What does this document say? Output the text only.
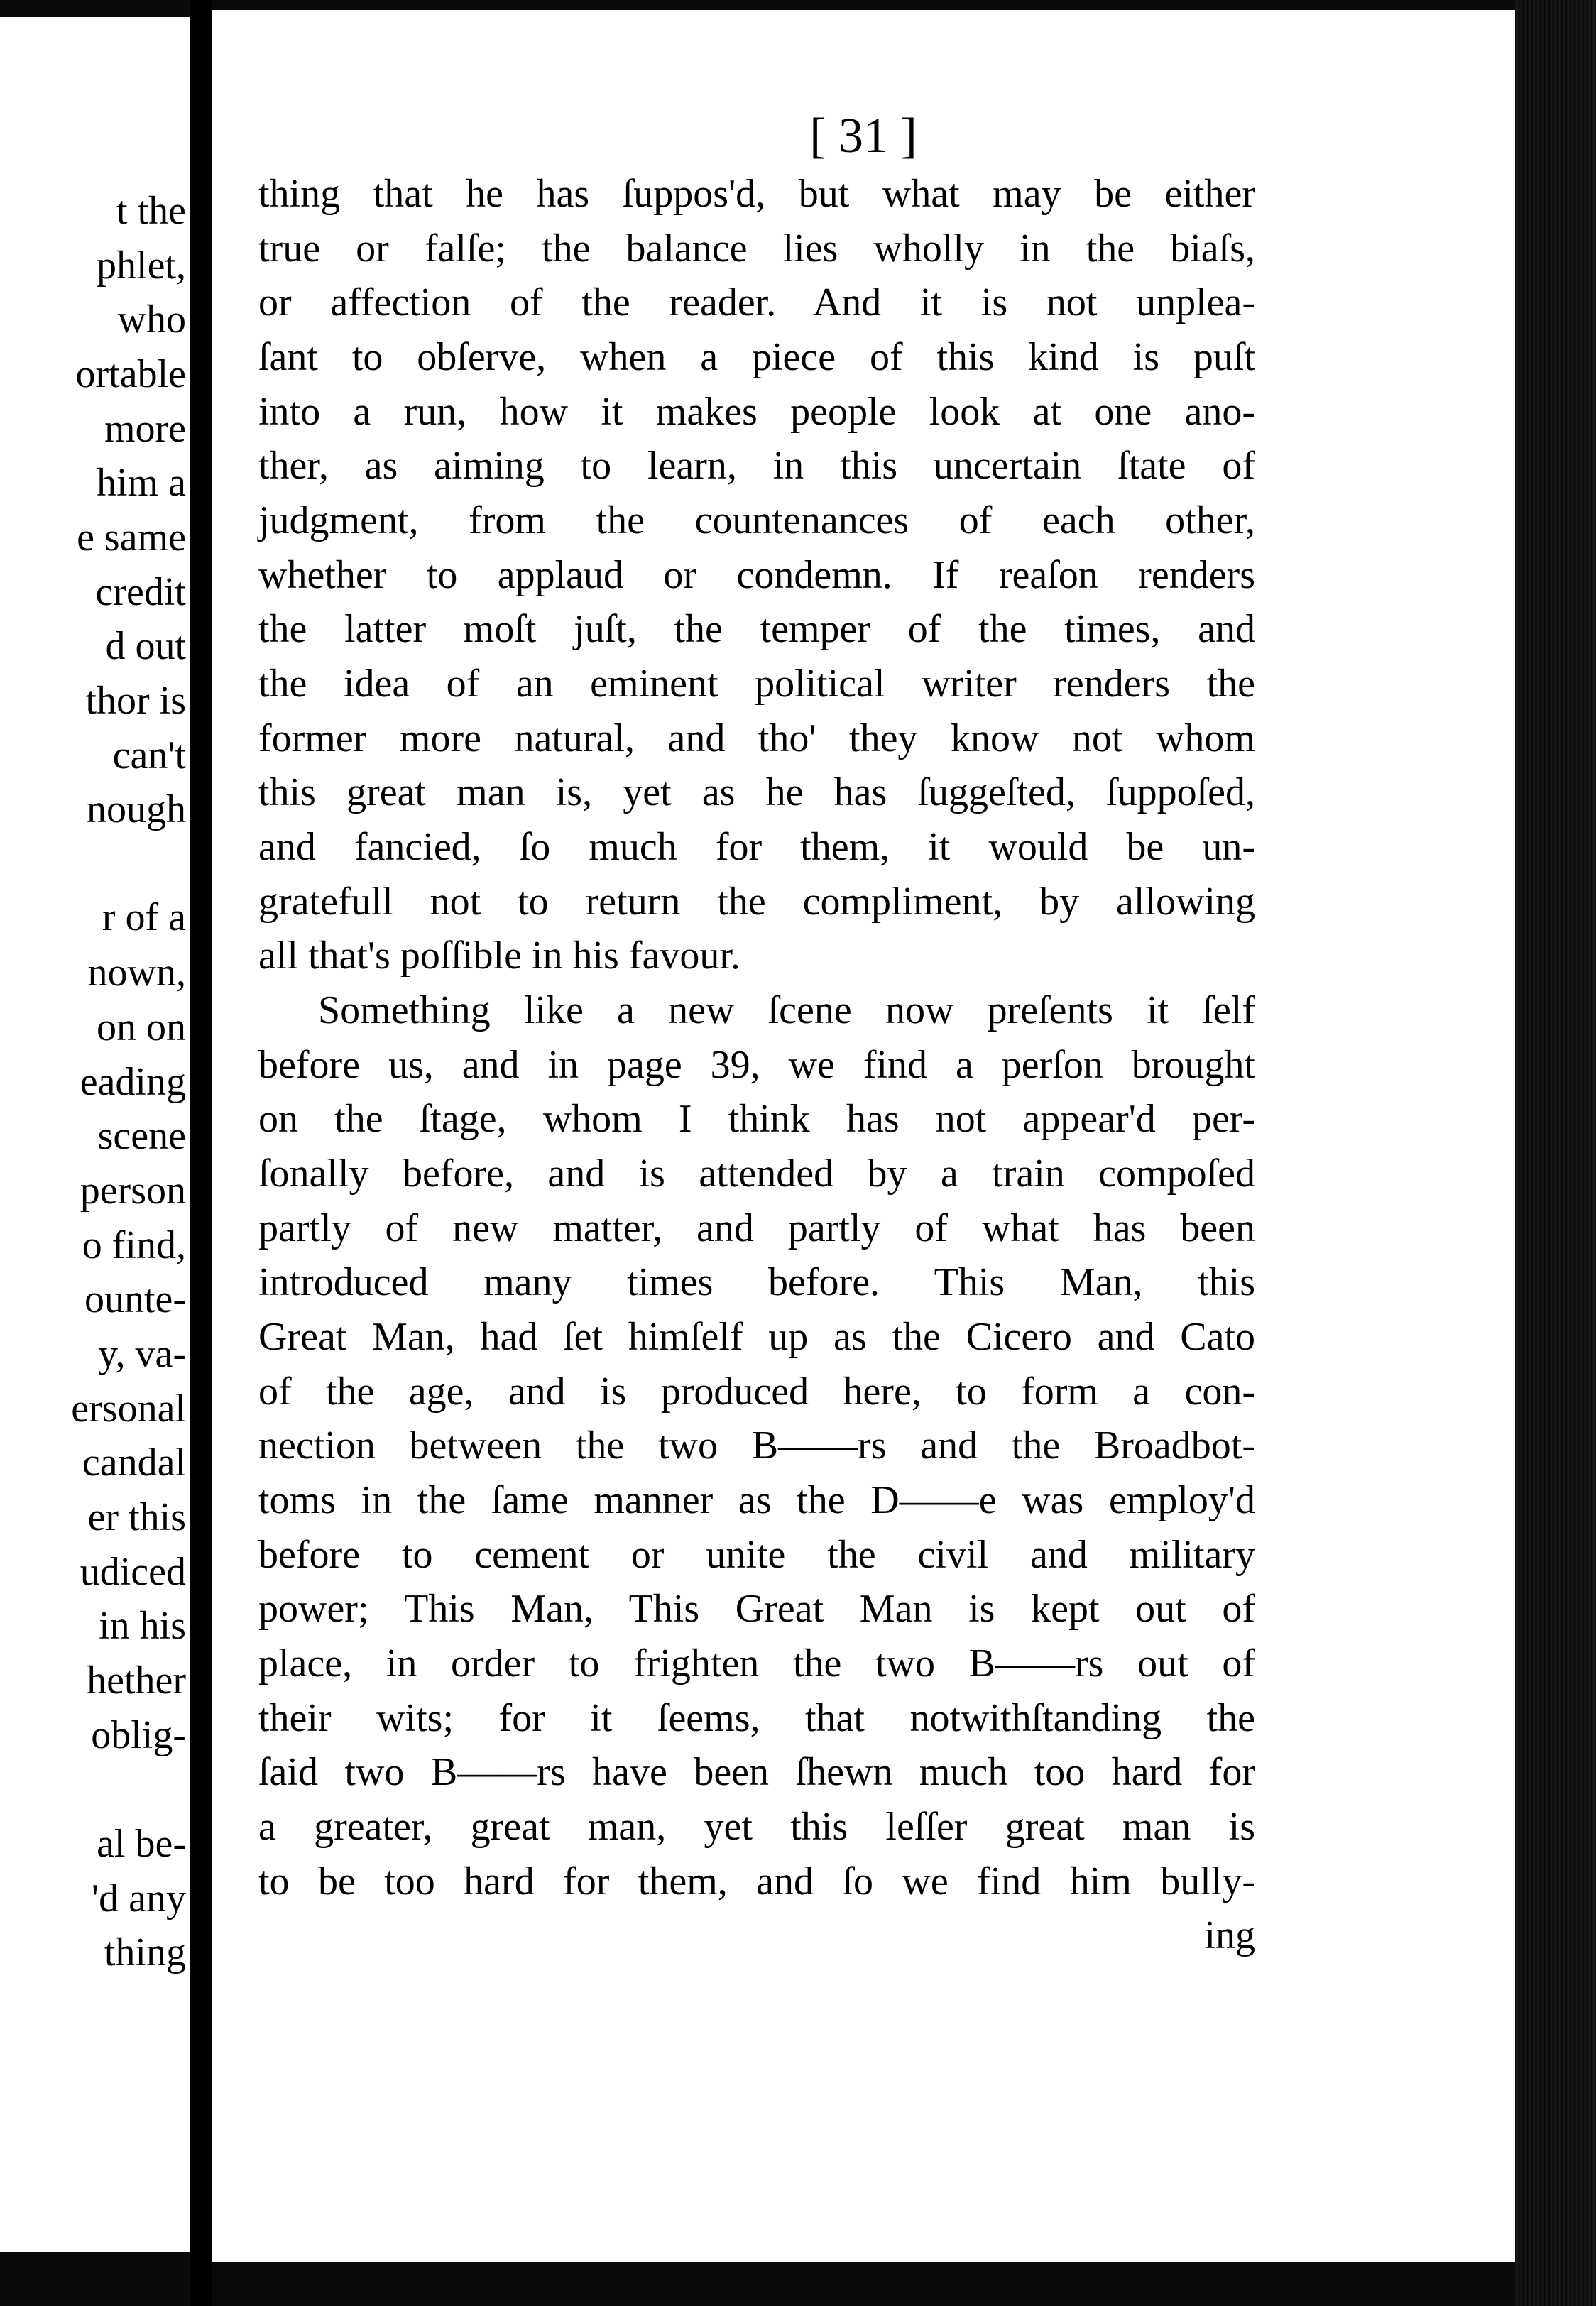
t the
phlet,
who
ortable
more
him a
e same
credit
d out
thor is
can't
nough
r of a
nown,
on on
eading
scene
person
o find,
ounte-
y, va-
ersonal
candal
er this
udiced
in his
hether
oblig-
al be-
'd any
thing
[ 31 ]
thing that he has ſuppos'd, but what may be either
true or falſe; the balance lies wholly in the biaſs,
or affection of the reader. And it is not unplea-
ſant to obſerve, when a piece of this kind is puſt
into a run, how it makes people look at one ano-
ther, as aiming to learn, in this uncertain ſtate of
judgment, from the countenances of each other,
whether to applaud or condemn. If reaſon renders
the latter moſt juſt, the temper of the times, and
the idea of an eminent political writer renders the
former more natural, and tho' they know not whom
this great man is, yet as he has ſuggeſted, ſuppoſed,
and fancied, ſo much for them, it would be un-
gratefull not to return the compliment, by allowing
all that's poſſible in his favour.
Something like a new ſcene now preſents it ſelf
before us, and in page 39, we find a perſon brought
on the ſtage, whom I think has not appear'd per-
ſonally before, and is attended by a train compoſed
partly of new matter, and partly of what has been
introduced many times before. This Man, this
Great Man, had ſet himſelf up as the Cicero and Cato
of the age, and is produced here, to form a con-
nection between the two B——rs and the Broadbot-
toms in the ſame manner as the D——e was employ'd
before to cement or unite the civil and military
power; This Man, This Great Man is kept out of
place, in order to frighten the two B——rs out of
their wits; for it ſeems, that notwithſtanding the
ſaid two B——rs have been ſhewn much too hard for
a greater, great man, yet this leſſer great man is
to be too hard for them, and ſo we find him bully-
ing
